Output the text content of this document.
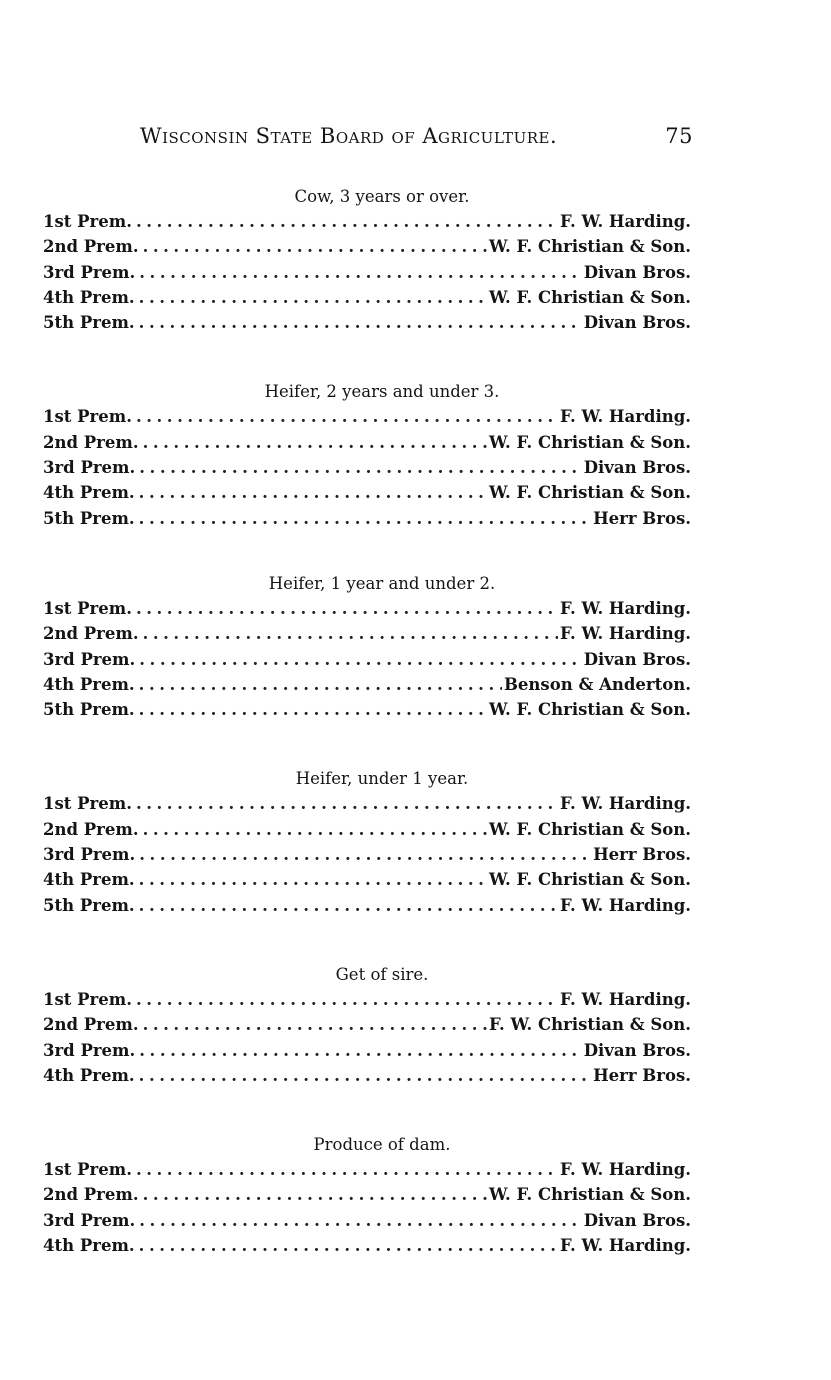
Wisconsin State Board of Agriculture.	75
Cow, 3 years or over.
1st Prem. . . .	F. W. Harding.
2nd Prem. . . .	W. F. Christian & Son.
3rd Prem. . . .	Divan Bros.
4th Prem. . . .	W. F. Christian & Son.
5th Prem. . . .	Divan Bros.
Heifer, 2 years and under 3.
1st Prem. . . .	F. W. Harding.
2nd Prem. . . .	W. F. Christian & Son.
3rd Prem. . . .	Divan Bros.
4th Prem. . . .	W. F. Christian & Son.
5th Prem. . . .	Herr Bros.
Heifer, 1 year and under 2.
1st Prem. . . .	F. W. Harding.
2nd Prem. . . .	F. W. Harding.
3rd Prem. . . .	Divan Bros.
4th Prem. . . .	Benson & Anderton.
5th Prem. . . .	W. F. Christian & Son.
Heifer, under 1 year.
1st Prem. . . .	F. W. Harding.
2nd Prem. . . .	W. F. Christian & Son.
3rd Prem. . . .	Herr Bros.
4th Prem. . . .	W. F. Christian & Son.
5th Prem. . . .	F. W. Harding.
Get of sire.
1st Prem. . . .	F. W. Harding.
2nd Prem. . . .	F. W. Christian & Son.
3rd Prem. . . .	Divan Bros.
4th Prem. . . .	Herr Bros.
Produce of dam.
1st Prem. . . .	F. W. Harding.
2nd Prem. . . .	W. F. Christian & Son.
3rd Prem. . . .	Divan Bros.
4th Prem. . . .	F. W. Harding.
